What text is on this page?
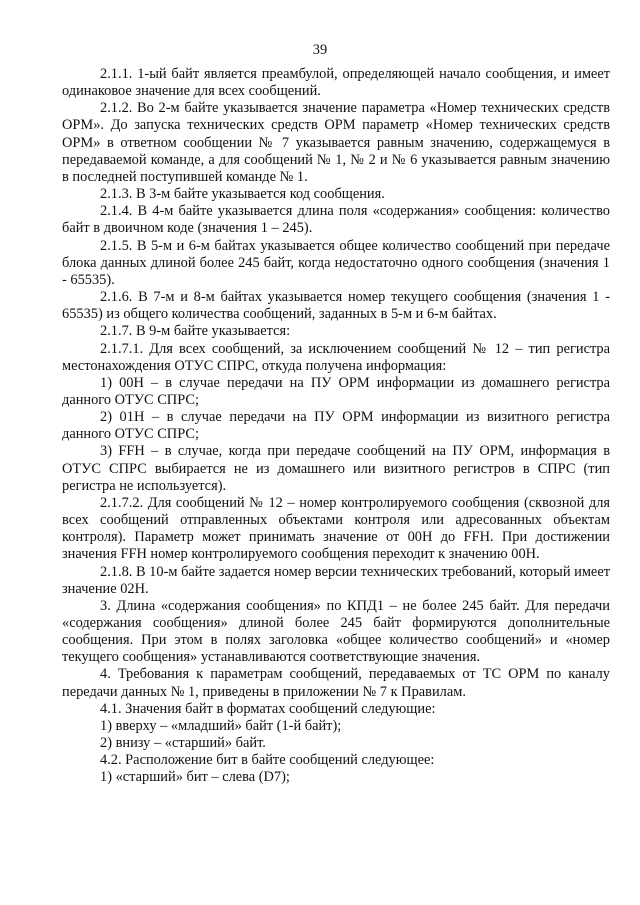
39

2.1.1. 1-ый байт является преамбулой, определяющей начало сообщения, и имеет одинаковое значение для всех сообщений.

2.1.2. Во 2-м байте указывается значение параметра «Номер технических средств ОРМ». До запуска технических средств ОРМ параметр «Номер технических средств ОРМ» в ответном сообщении № 7 указывается равным значению, содержащемуся в передаваемой команде, а для сообщений № 1, № 2 и № 6 указывается равным значению в последней поступившей команде № 1.

2.1.3. В 3-м байте указывается код сообщения.

2.1.4. В 4-м байте указывается длина поля «содержания» сообщения: количество байт в двоичном коде (значения 1 – 245).

2.1.5. В 5-м и 6-м байтах указывается общее количество сообщений при передаче блока данных длиной более 245 байт, когда недостаточно одного сообщения (значения 1 - 65535).

2.1.6. В 7-м и 8-м байтах указывается номер текущего сообщения (значения 1 - 65535) из общего количества сообщений, заданных в 5-м и 6-м байтах.

2.1.7. В 9-м байте указывается:

2.1.7.1. Для всех сообщений, за исключением сообщений № 12 – тип регистра местонахождения ОТУС СПРС, откуда получена информация:

1) 00Н – в случае передачи на ПУ ОРМ информации из домашнего регистра данного ОТУС СПРС;

2) 01Н – в случае передачи на ПУ ОРМ информации из визитного регистра данного ОТУС СПРС;

3) FFH – в случае, когда при передаче сообщений на ПУ ОРМ, информация в ОТУС СПРС выбирается не из домашнего или визитного регистров в СПРС (тип регистра не используется).

2.1.7.2. Для сообщений № 12 – номер контролируемого сообщения (сквозной для всех сообщений отправленных объектами контроля или адресованных объектам контроля). Параметр может принимать значение от 00Н до FFH. При достижении значения FFH номер контролируемого сообщения переходит к значению 00Н.

2.1.8. В 10-м байте задается номер версии технических требований, который имеет значение 02Н.

3. Длина «содержания сообщения» по КПД1 – не более 245 байт. Для передачи «содержания сообщения» длиной более 245 байт формируются дополнительные сообщения. При этом в полях заголовка «общее количество сообщений» и «номер текущего сообщения» устанавливаются соответствующие значения.

4. Требования к параметрам сообщений, передаваемых от ТС ОРМ по каналу передачи данных № 1, приведены в приложении № 7 к Правилам.

4.1. Значения байт в форматах сообщений следующие:

1) вверху – «младший» байт (1-й байт);

2) внизу – «старший» байт.

4.2. Расположение бит в байте сообщений следующее:

1) «старший» бит – слева (D7);
